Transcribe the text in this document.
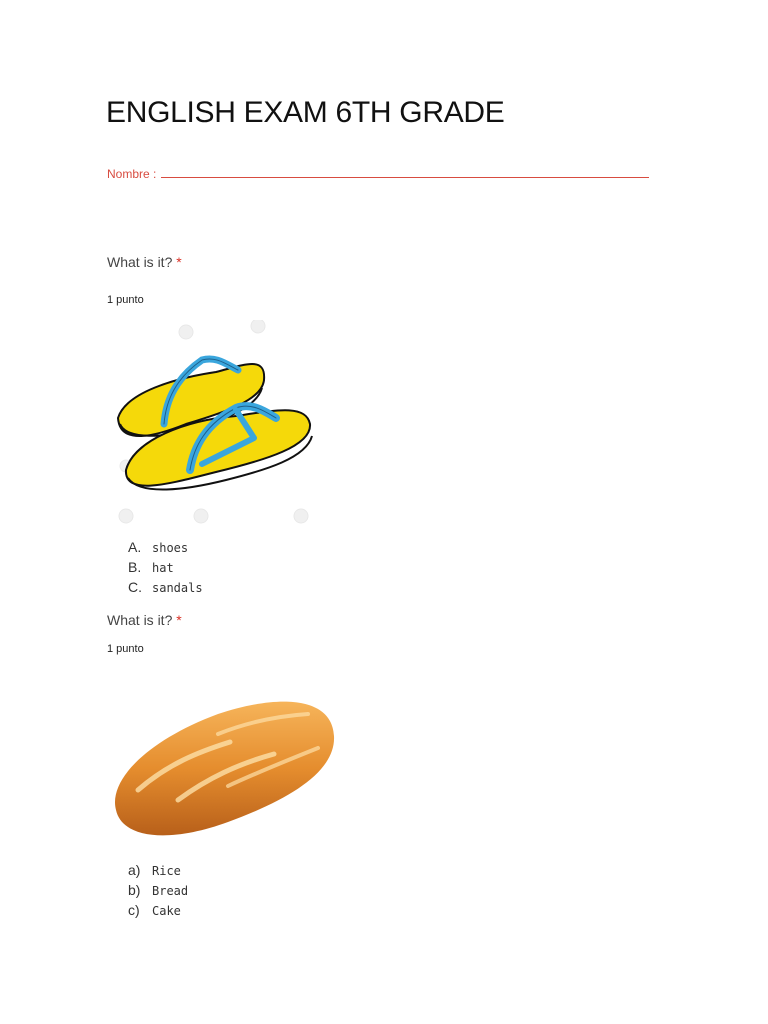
ENGLISH EXAM 6TH GRADE
Nombre :
What is it? *
1 punto
A. shoes
B. hat
C. sandals
What is it? *
1 punto
a) Rice
b) Bread
c) Cake
